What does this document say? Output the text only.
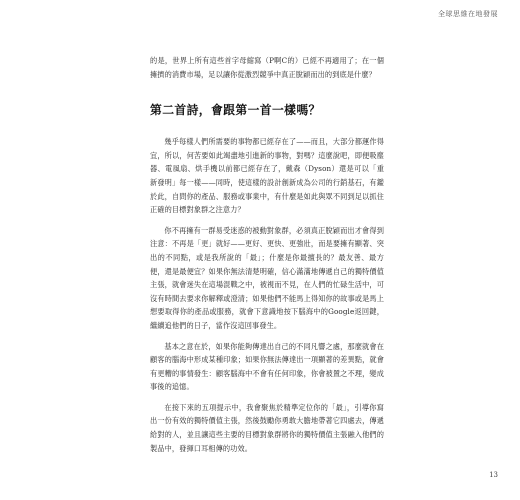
全球思維在地發展

的是，世界上所有這些首字母縮寫（P啊C的）已經不再適用了；在一個擁擠的消費市場，足以讓你從激烈競爭中真正脫穎而出的到底是什麼？

第二首詩，會跟第一首一樣嗎？

幾乎每樣人們所需要的事物都已經存在了——而且，大部分都運作得宜，所以，何苦要如此竭盡地引進新的事物，對嗎？這麼說吧，即便吸塵器、電風扇、烘手機以前都已經存在了，戴森（Dyson）還是可以「重新發明」每一樣——同時，使這樣的設計創新成為公司的行銷基石，有鑑於此，自問你的產品、服務或事業中，有什麼是如此與眾不同到足以抓住正確的目標對象群之注意力？

你不再擁有一群易受迷惑的被動對象群，必須真正脫穎而出才會得到注意：不再是「更」就好——更好、更快、更強壯，而是要擁有顯著、突出的不同點，或是我所說的「最」；什麼是你最擅長的？最友善、最方便，還是最便宜？如果你無法清楚明確，信心滿滿地傳遞自己的獨特價值主張，就會迷失在這場混戰之中，被視而不見，在人們的忙碌生活中，可沒有時間去要求你解釋或澄清；如果他們不能馬上得知你的故事或是馬上想要取得你的產品或服務，就會下意識地按下腦海中的Google返回鍵，繼續追他們的日子，當作沒這回事發生。

基本之意在於，如果你能夠傳達出自己的不同凡響之處，那麼就會在顧客的腦海中形成某種印象；如果你無法傳達出一項顯著的差異點，就會有更糟的事情發生：顧客腦海中不會有任何印象，你會被置之不理，變成事後的追憶。

在接下來的五項提示中，我會聚焦於精準定位你的「最」，引導你寫出一份有效的獨特價值主張，然後鼓勵你勇敢大膽地帶著它四處去，傳遞給對的人，並且讓這些主要的目標對象群將你的獨特價值主張融入他們的製品中，發揮口耳相傳的功效。

13
